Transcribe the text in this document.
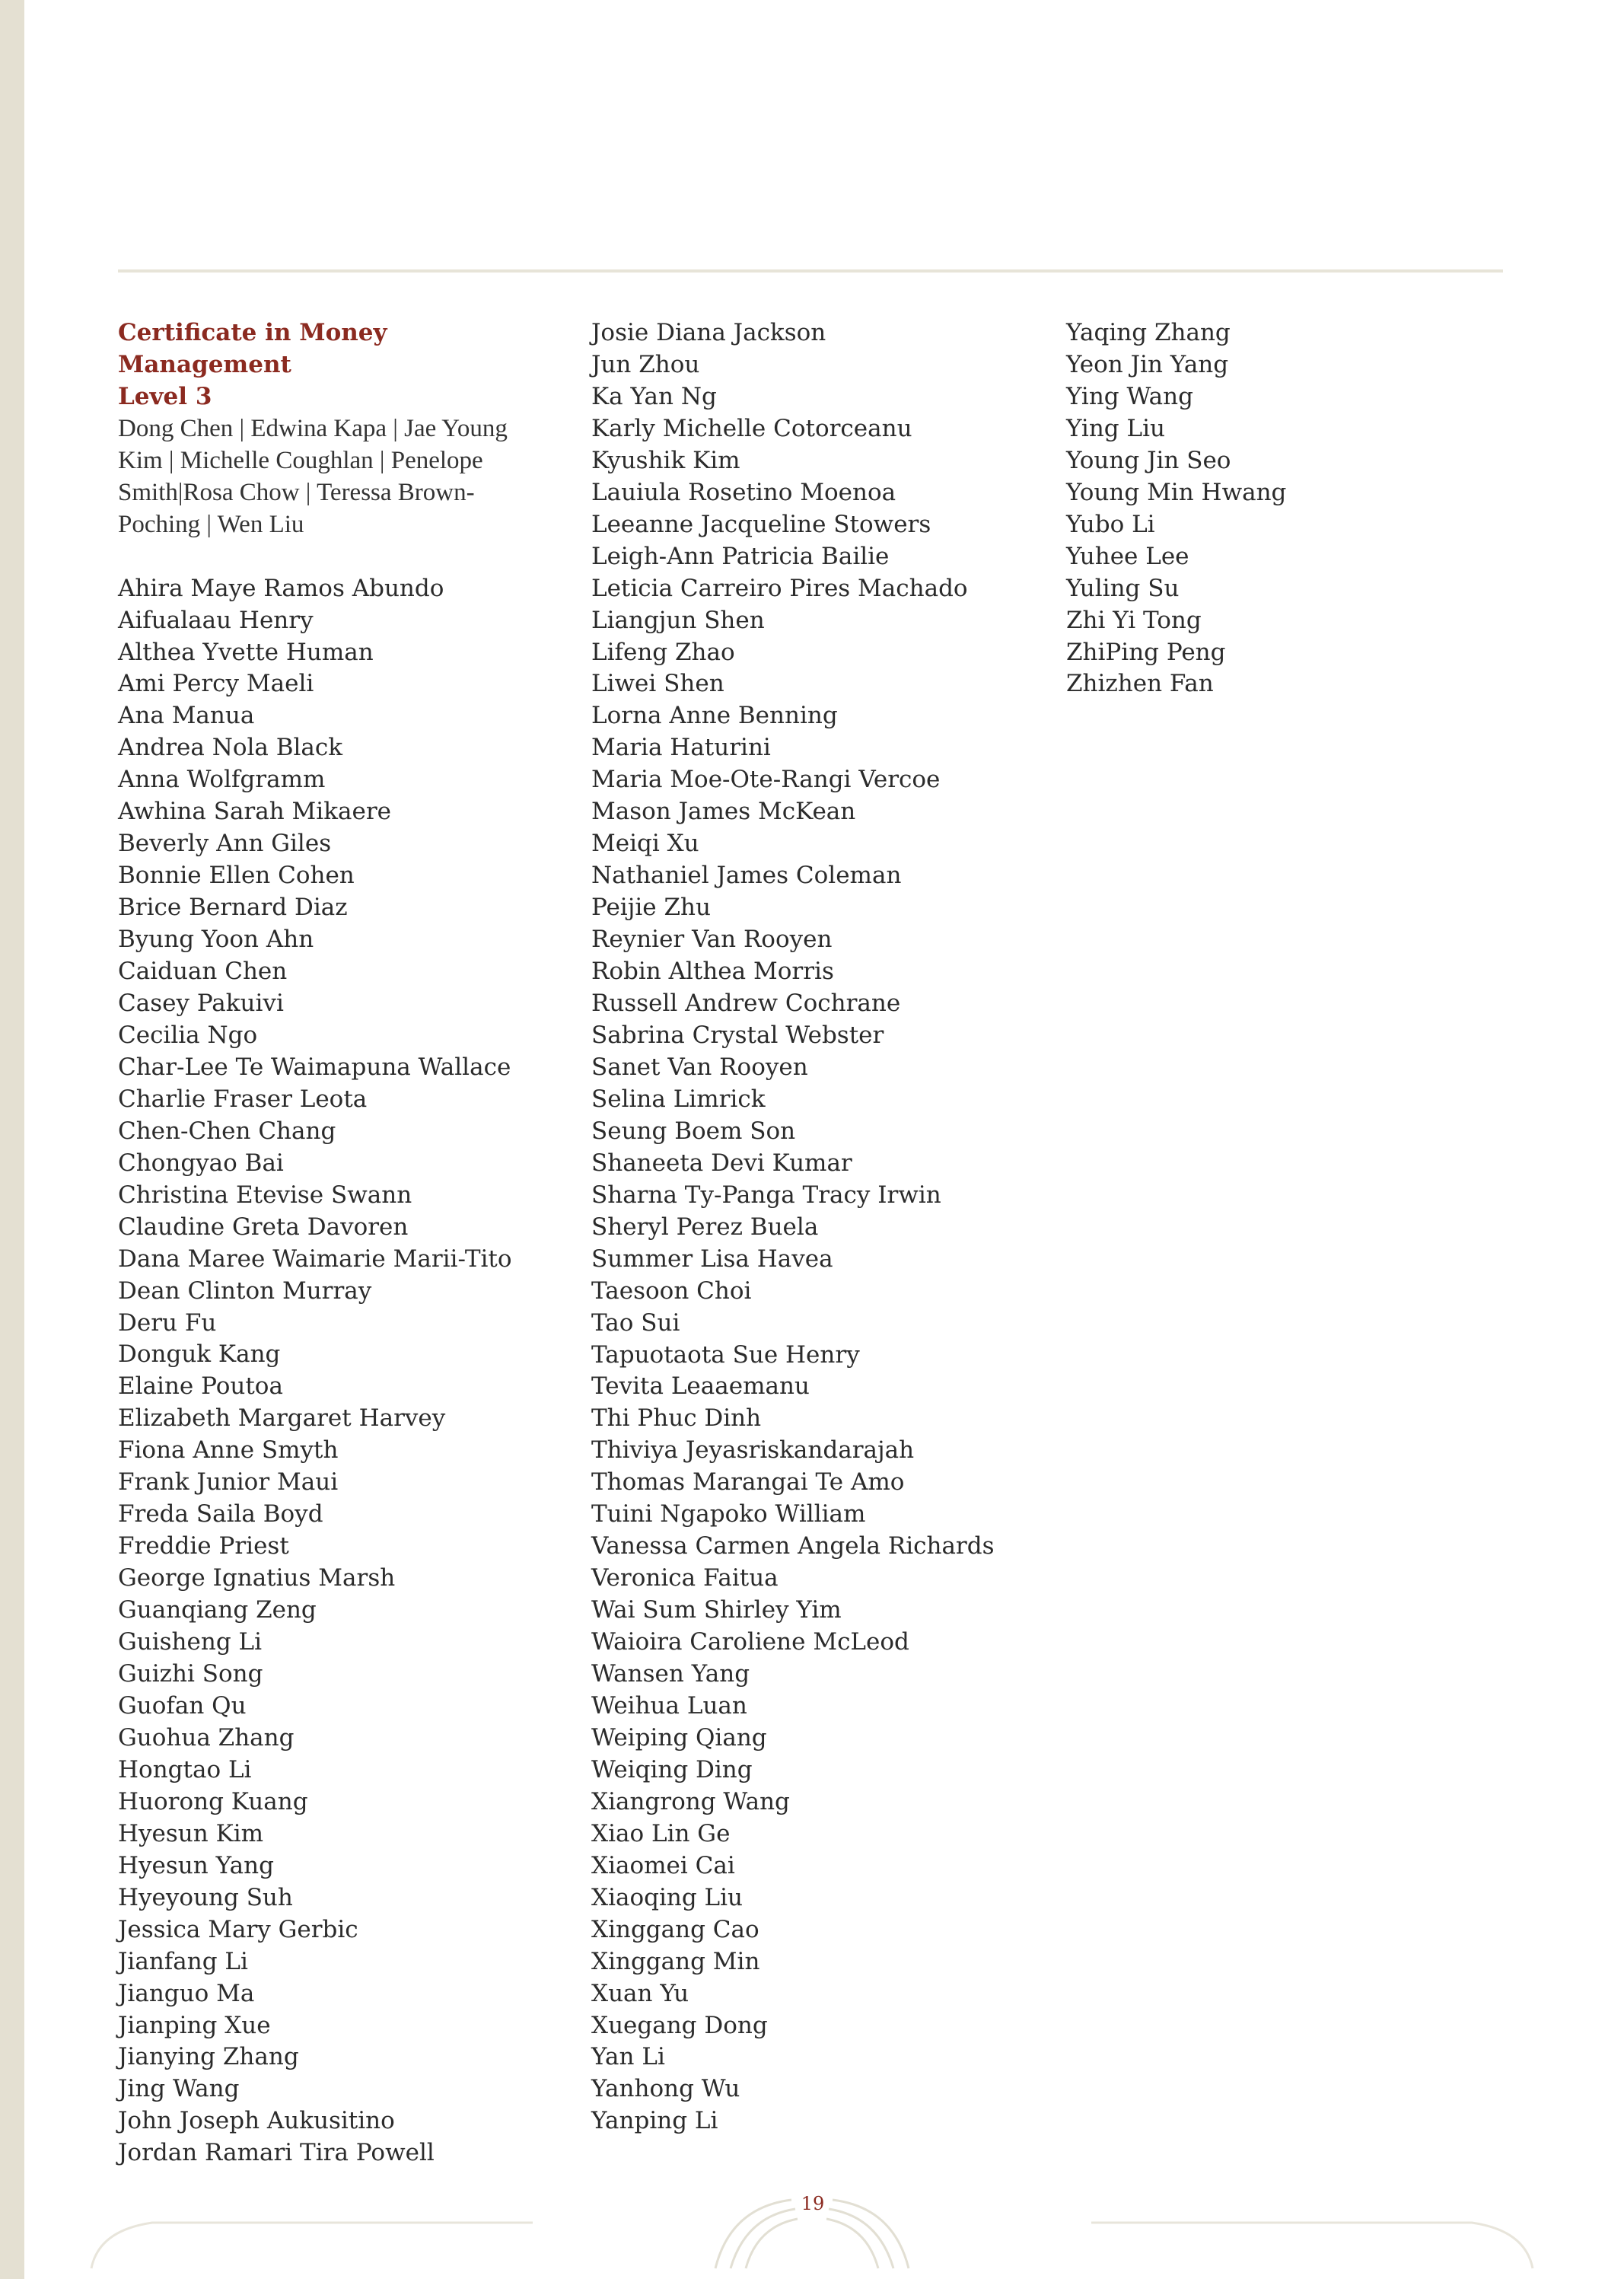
Certificate in Money Management
Level 3
Dong Chen | Edwina Kapa | Jae Young Kim | Michelle Coughlan | Penelope Smith|Rosa Chow | Teressa Brown-Poching | Wen Liu
Ahira Maye Ramos Abundo
Aifualaau Henry
Althea Yvette Human
Ami Percy Maeli
Ana Manua
Andrea Nola Black
Anna Wolfgramm
Awhina Sarah Mikaere
Beverly Ann Giles
Bonnie Ellen Cohen
Brice Bernard Diaz
Byung Yoon Ahn
Caiduan Chen
Casey Pakuivi
Cecilia Ngo
Char-Lee Te Waimapuna Wallace
Charlie Fraser Leota
Chen-Chen Chang
Chongyao Bai
Christina Etevise Swann
Claudine Greta Davoren
Dana Maree Waimarie Marii-Tito
Dean Clinton Murray
Deru Fu
Donguk Kang
Elaine Poutoa
Elizabeth Margaret Harvey
Fiona Anne Smyth
Frank Junior Maui
Freda Saila Boyd
Freddie Priest
George Ignatius Marsh
Guanqiang Zeng
Guisheng Li
Guizhi Song
Guofan Qu
Guohua Zhang
Hongtao Li
Huorong Kuang
Hyesun Kim
Hyesun Yang
Hyeyoung Suh
Jessica Mary Gerbic
Jianfang Li
Jianguo Ma
Jianping Xue
Jianying Zhang
Jing Wang
John Joseph Aukusitino
Jordan Ramari Tira Powell
Josie Diana Jackson
Jun Zhou
Ka Yan Ng
Karly Michelle Cotorceanu
Kyushik Kim
Lauiula Rosetino Moenoa
Leeanne Jacqueline Stowers
Leigh-Ann Patricia Bailie
Leticia Carreiro Pires Machado
Liangjun Shen
Lifeng Zhao
Liwei Shen
Lorna Anne Benning
Maria Haturini
Maria Moe-Ote-Rangi Vercoe
Mason James McKean
Meiqi Xu
Nathaniel James Coleman
Peijie Zhu
Reynier Van Rooyen
Robin Althea Morris
Russell Andrew Cochrane
Sabrina Crystal Webster
Sanet Van Rooyen
Selina Limrick
Seung Boem Son
Shaneeta Devi Kumar
Sharna Ty-Panga Tracy Irwin
Sheryl Perez Buela
Summer Lisa Havea
Taesoon Choi
Tao Sui
Tapuotaota Sue Henry
Tevita Leaaemanu
Thi Phuc Dinh
Thiviya Jeyasriskandarajah
Thomas Marangai Te Amo
Tuini Ngapoko William
Vanessa Carmen Angela Richards
Veronica Faitua
Wai Sum Shirley Yim
Waioira Caroliene McLeod
Wansen Yang
Weihua Luan
Weiping Qiang
Weiqing Ding
Xiangrong Wang
Xiao Lin Ge
Xiaomei Cai
Xiaoqing Liu
Xinggang Cao
Xinggang Min
Xuan Yu
Xuegang Dong
Yan Li
Yanhong Wu
Yanping Li
Yaqing Zhang
Yeon Jin Yang
Ying Wang
Ying Liu
Young Jin Seo
Young Min Hwang
Yubo Li
Yuhee Lee
Yuling Su
Zhi Yi Tong
ZhiPing Peng
Zhizhen Fan
19
